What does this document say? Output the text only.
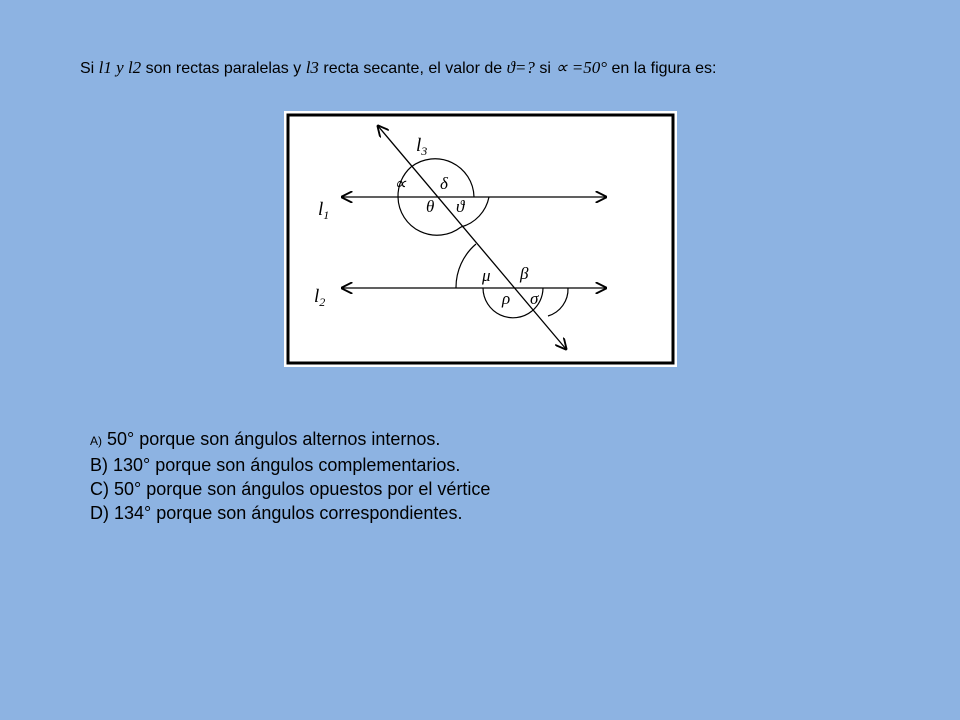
Si l1 y l2 son rectas paralelas y l3 recta secante, el valor de ϑ=? si ∝ =50° en la figura es:
$l_3$
$l_1$
$l_2$
∝ δ
θ ϑ
μ β
ρ σ
A) 50° porque son ángulos alternos internos.
B) 130° porque son ángulos complementarios.
C) 50° porque son ángulos opuestos por el vértice
D) 134° porque son ángulos correspondientes.
